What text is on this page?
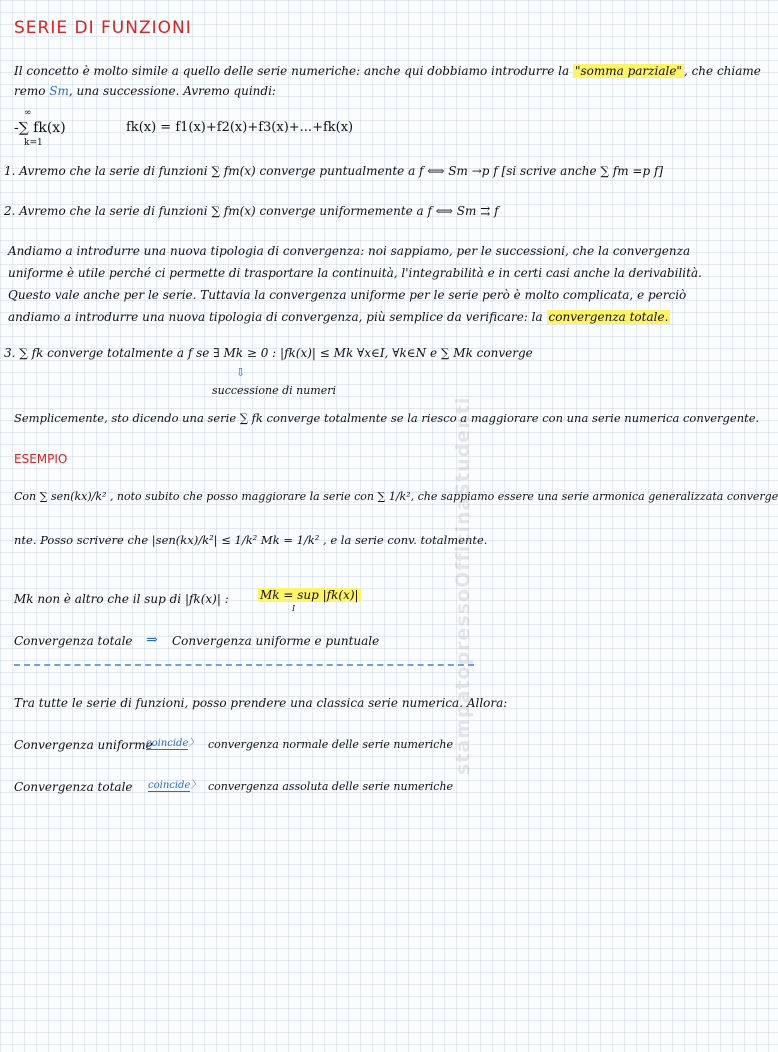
SERIE DI FUNZIONI
Il concetto è molto simile a quello delle serie numeriche: anche qui dobbiamo introdurre la "somma parziale" , che chiame
remo Sm, una successione. Avremo quindi:
∞
-∑ fk(x)
k=1
fk(x) = f1(x)+f2(x)+f3(x)+...+fk(x)
1. Avremo che la serie di funzioni ∑ fm(x) converge puntualmente a f ⟺ Sm →p f [si scrive anche ∑ fm =p f]
2. Avremo che la serie di funzioni ∑ fm(x) converge uniformemente a f ⟺ Sm ⇉ f
Andiamo a introdurre una nuova tipologia di convergenza: noi sappiamo, per le successioni, che la convergenza uniforme è utile perché ci permette di trasportare la continuità, l'integrabilità e in certi casi anche la derivabilità. Questo vale anche per le serie. Tuttavia la convergenza uniforme per le serie però è molto complicata, e perciò andiamo a introdurre una nuova tipologia di convergenza, più semplice da verificare: la convergenza totale.
3. ∑ fk converge totalmente a f se ∃ Mk ≥ 0 : |fk(x)| ≤ Mk ∀x∈I, ∀k∈N e ∑ Mk converge
⇩
successione di numeri
Semplicemente, sto dicendo una serie ∑ fk converge totalmente se la riesco a maggiorare con una serie numerica convergente.
ESEMPIO
Con ∑ sen(kx)/k² , noto subito che posso maggiorare la serie con ∑ 1/k², che sappiamo essere una serie armonica generalizzata converge
nte. Posso scrivere che |sen(kx)/k²| ≤ 1/k² Mk = 1/k² , e la serie conv. totalmente.
Mk non è altro che il sup di |fk(x)| :	Mk = sup |fk(x)|
I
Convergenza totale ⇒ Convergenza uniforme e puntuale
Tra tutte le serie di funzioni, posso prendere una classica serie numerica. Allora:
Convergenza uniforme
coincide〉 convergenza normale delle serie numeriche
Convergenza totale coincide〉 convergenza assoluta delle serie numeriche
stampatopressoOfficinaStudenti
